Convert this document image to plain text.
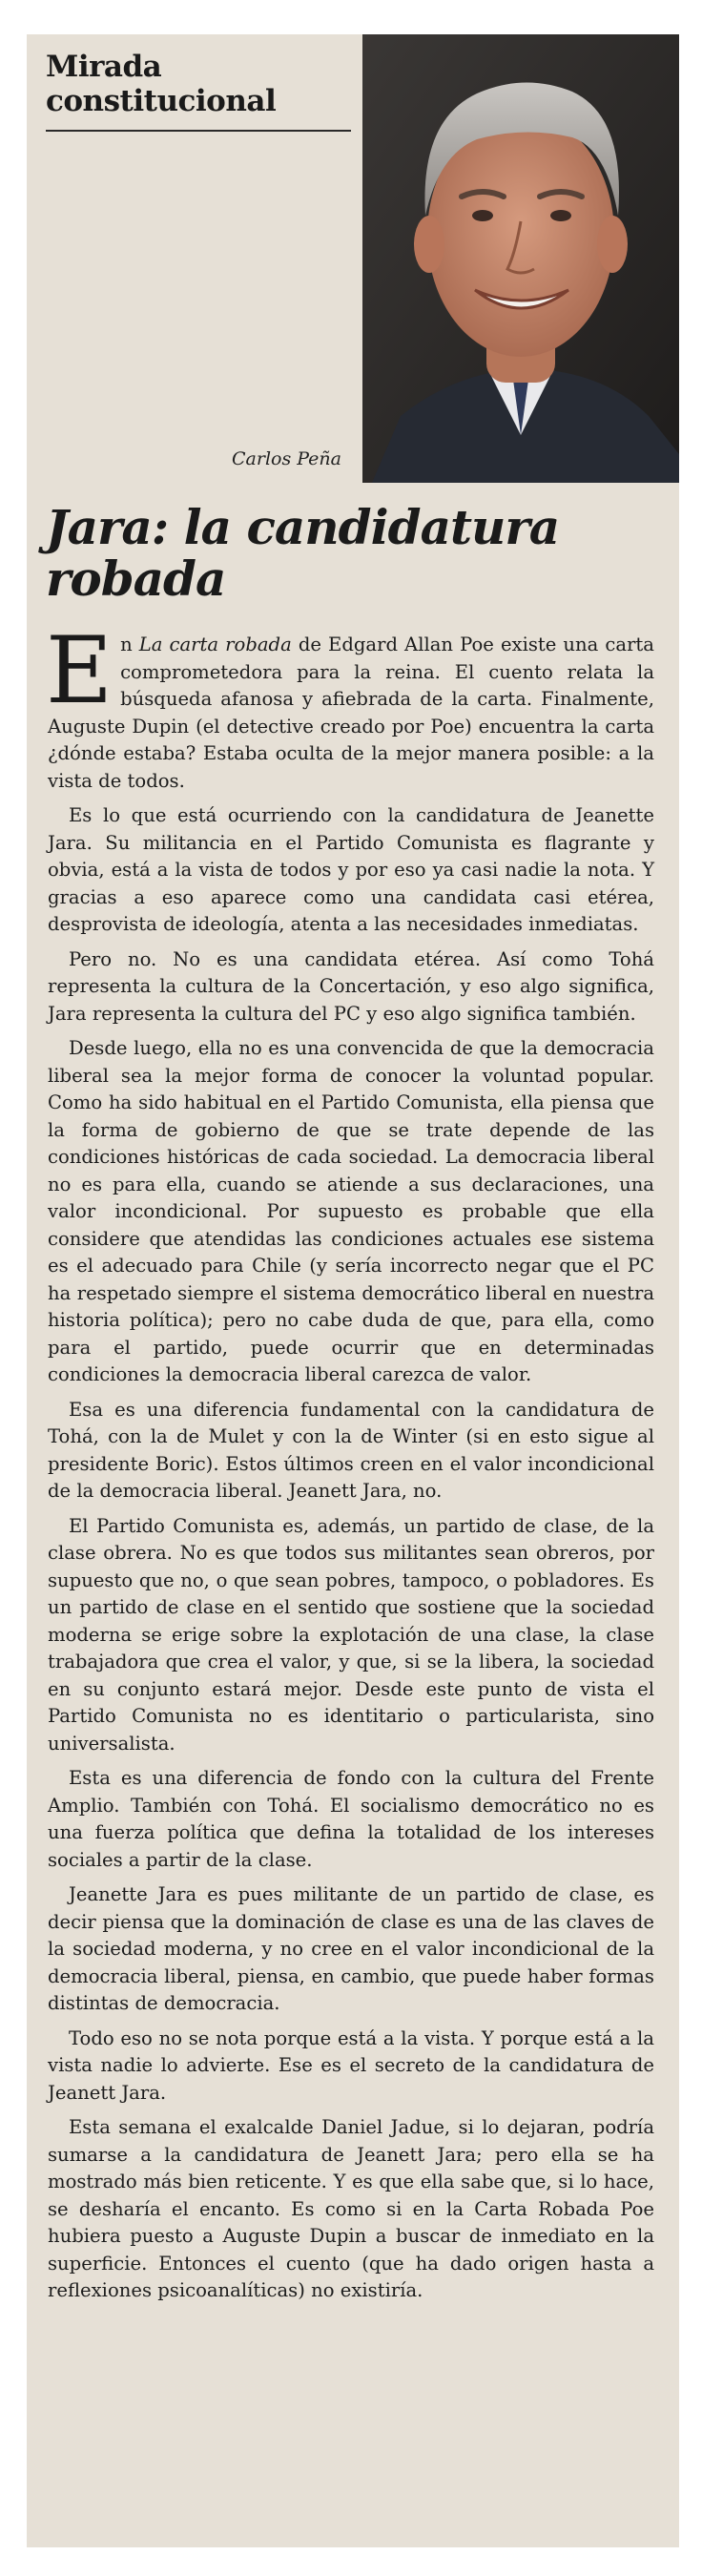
Mirada
constitucional
Carlos Peña
Jara: la candidatura
robada

En La carta robada de Edgard Allan Poe existe una carta comprometedora para la reina. El cuento relata la búsqueda afanosa y afiebrada de la carta. Finalmente, Auguste Dupin (el detective creado por Poe) encuentra la carta ¿dónde estaba? Estaba oculta de la mejor manera posible: a la vista de todos.

Es lo que está ocurriendo con la candidatura de Jeanette Jara. Su militancia en el Partido Comunista es flagrante y obvia, está a la vista de todos y por eso ya casi nadie la nota. Y gracias a eso aparece como una candidata casi etérea, desprovista de ideología, atenta a las necesidades inmediatas.

Pero no. No es una candidata etérea. Así como Tohá representa la cultura de la Concertación, y eso algo significa, Jara representa la cultura del PC y eso algo significa también.

Desde luego, ella no es una convencida de que la democracia liberal sea la mejor forma de conocer la voluntad popular. Como ha sido habitual en el Partido Comunista, ella piensa que la forma de gobierno de que se trate depende de las condiciones históricas de cada sociedad. La democracia liberal no es para ella, cuando se atiende a sus declaraciones, una valor incondicional. Por supuesto es probable que ella considere que atendidas las condiciones actuales ese sistema es el adecuado para Chile (y sería incorrecto negar que el PC ha respetado siempre el sistema democrático liberal en nuestra historia política); pero no cabe duda de que, para ella, como para el partido, puede ocurrir que en determinadas condiciones la democracia liberal carezca de valor.

Esa es una diferencia fundamental con la candidatura de Tohá, con la de Mulet y con la de Winter (si en esto sigue al presidente Boric). Estos últimos creen en el valor incondicional de la democracia liberal. Jeanett Jara, no.

El Partido Comunista es, además, un partido de clase, de la clase obrera. No es que todos sus militantes sean obreros, por supuesto que no, o que sean pobres, tampoco, o pobladores. Es un partido de clase en el sentido que sostiene que la sociedad moderna se erige sobre la explotación de una clase, la clase trabajadora que crea el valor, y que, si se la libera, la sociedad en su conjunto estará mejor. Desde este punto de vista el Partido Comunista no es identitario o particularista, sino universalista.

Esta es una diferencia de fondo con la cultura del Frente Amplio. También con Tohá. El socialismo democrático no es una fuerza política que defina la totalidad de los intereses sociales a partir de la clase.

Jeanette Jara es pues militante de un partido de clase, es decir piensa que la dominación de clase es una de las claves de la sociedad moderna, y no cree en el valor incondicional de la democracia liberal, piensa, en cambio, que puede haber formas distintas de democracia.

Todo eso no se nota porque está a la vista. Y porque está a la vista nadie lo advierte. Ese es el secreto de la candidatura de Jeanett Jara.

Esta semana el exalcalde Daniel Jadue, si lo dejaran, podría sumarse a la candidatura de Jeanett Jara; pero ella se ha mostrado más bien reticente. Y es que ella sabe que, si lo hace, se desharía el encanto. Es como si en la Carta Robada Poe hubiera puesto a Auguste Dupin a buscar de inmediato en la superficie. Entonces el cuento (que ha dado origen hasta a reflexiones psicoanalíticas) no existiría.
